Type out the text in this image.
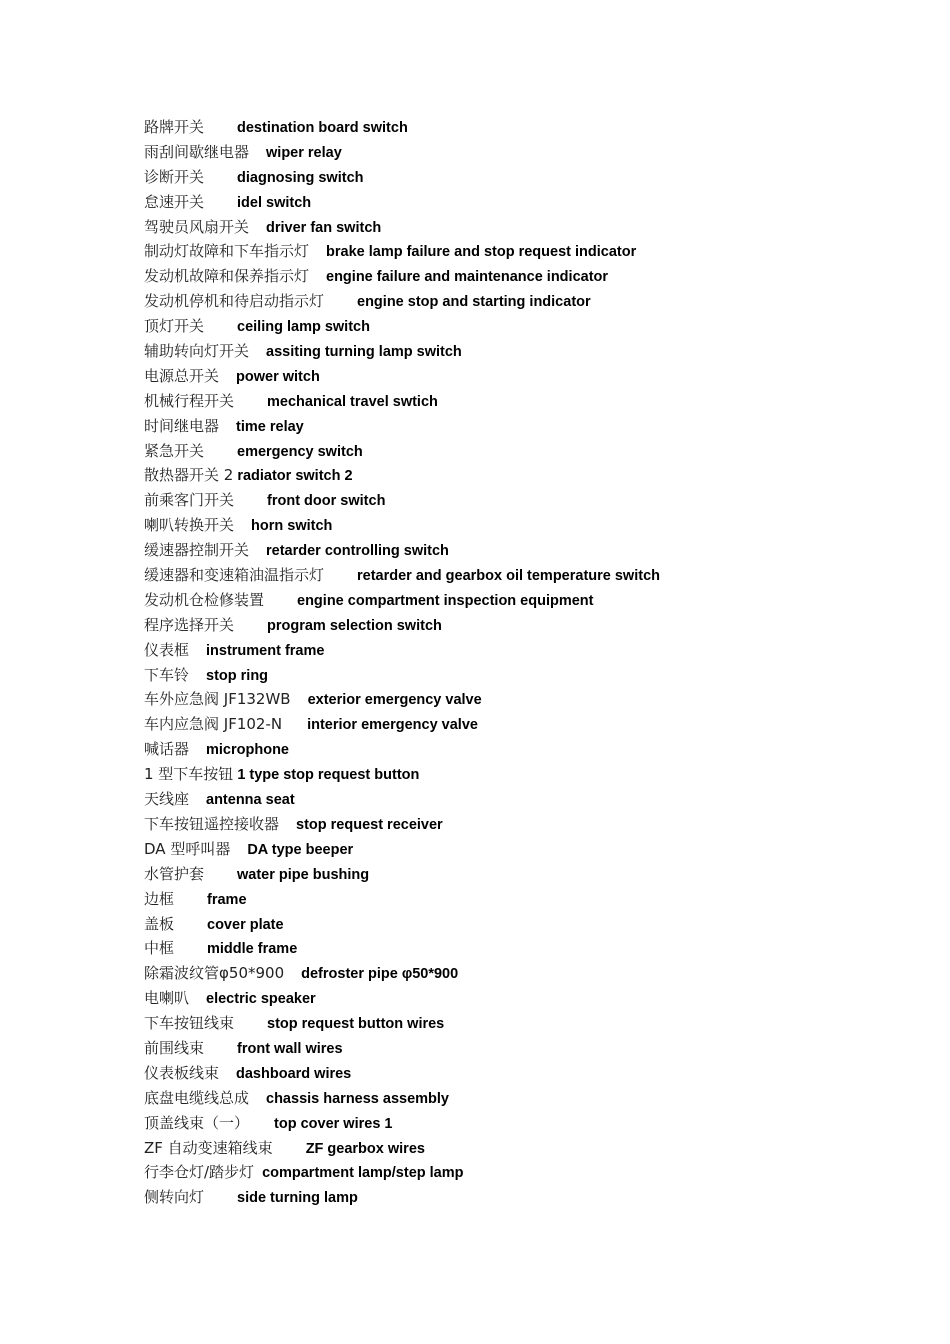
路牌开关 destination board switch
雨刮间歇继电器 wiper relay
诊断开关 diagnosing switch
怠速开关 idel switch
驾驶员风扇开关 driver fan switch
制动灯故障和下车指示灯 brake lamp failure and stop request indicator
发动机故障和保养指示灯 engine failure and maintenance indicator
发动机停机和待启动指示灯 engine stop and starting indicator
顶灯开关 ceiling lamp switch
辅助转向灯开关 assiting turning lamp switch
电源总开关 power witch
机械行程开关 mechanical travel swtich
时间继电器 time relay
紧急开关 emergency switch
散热器开关 2 radiator switch 2
前乘客门开关 front door switch
喇叭转换开关 horn switch
缓速器控制开关 retarder controlling switch
缓速器和变速箱油温指示灯 retarder and gearbox oil temperature switch
发动机仓检修装置 engine compartment inspection equipment
程序选择开关 program selection switch
仪表框 instrument frame
下车铃 stop ring
车外应急阀 JF132WB exterior emergency valve
车内应急阀 JF102-N interior emergency valve
喊话器 microphone
1 型下车按钮 1 type stop request button
天线座 antenna seat
下车按钮遥控接收器 stop request receiver
DA 型呼叫器 DA type beeper
水管护套 water pipe bushing
边框 frame
盖板 cover plate
中框 middle frame
除霜波纹管φ50*900 defroster pipe φ50*900
电喇叭 electric speaker
下车按钮线束 stop request button wires
前围线束 front wall wires
仪表板线束 dashboard wires
底盘电缆线总成 chassis harness assembly
顶盖线束（一） top cover wires 1
ZF 自动变速箱线束 ZF gearbox wires
行李仓灯/踏步灯 compartment lamp/step lamp
侧转向灯 side turning lamp
